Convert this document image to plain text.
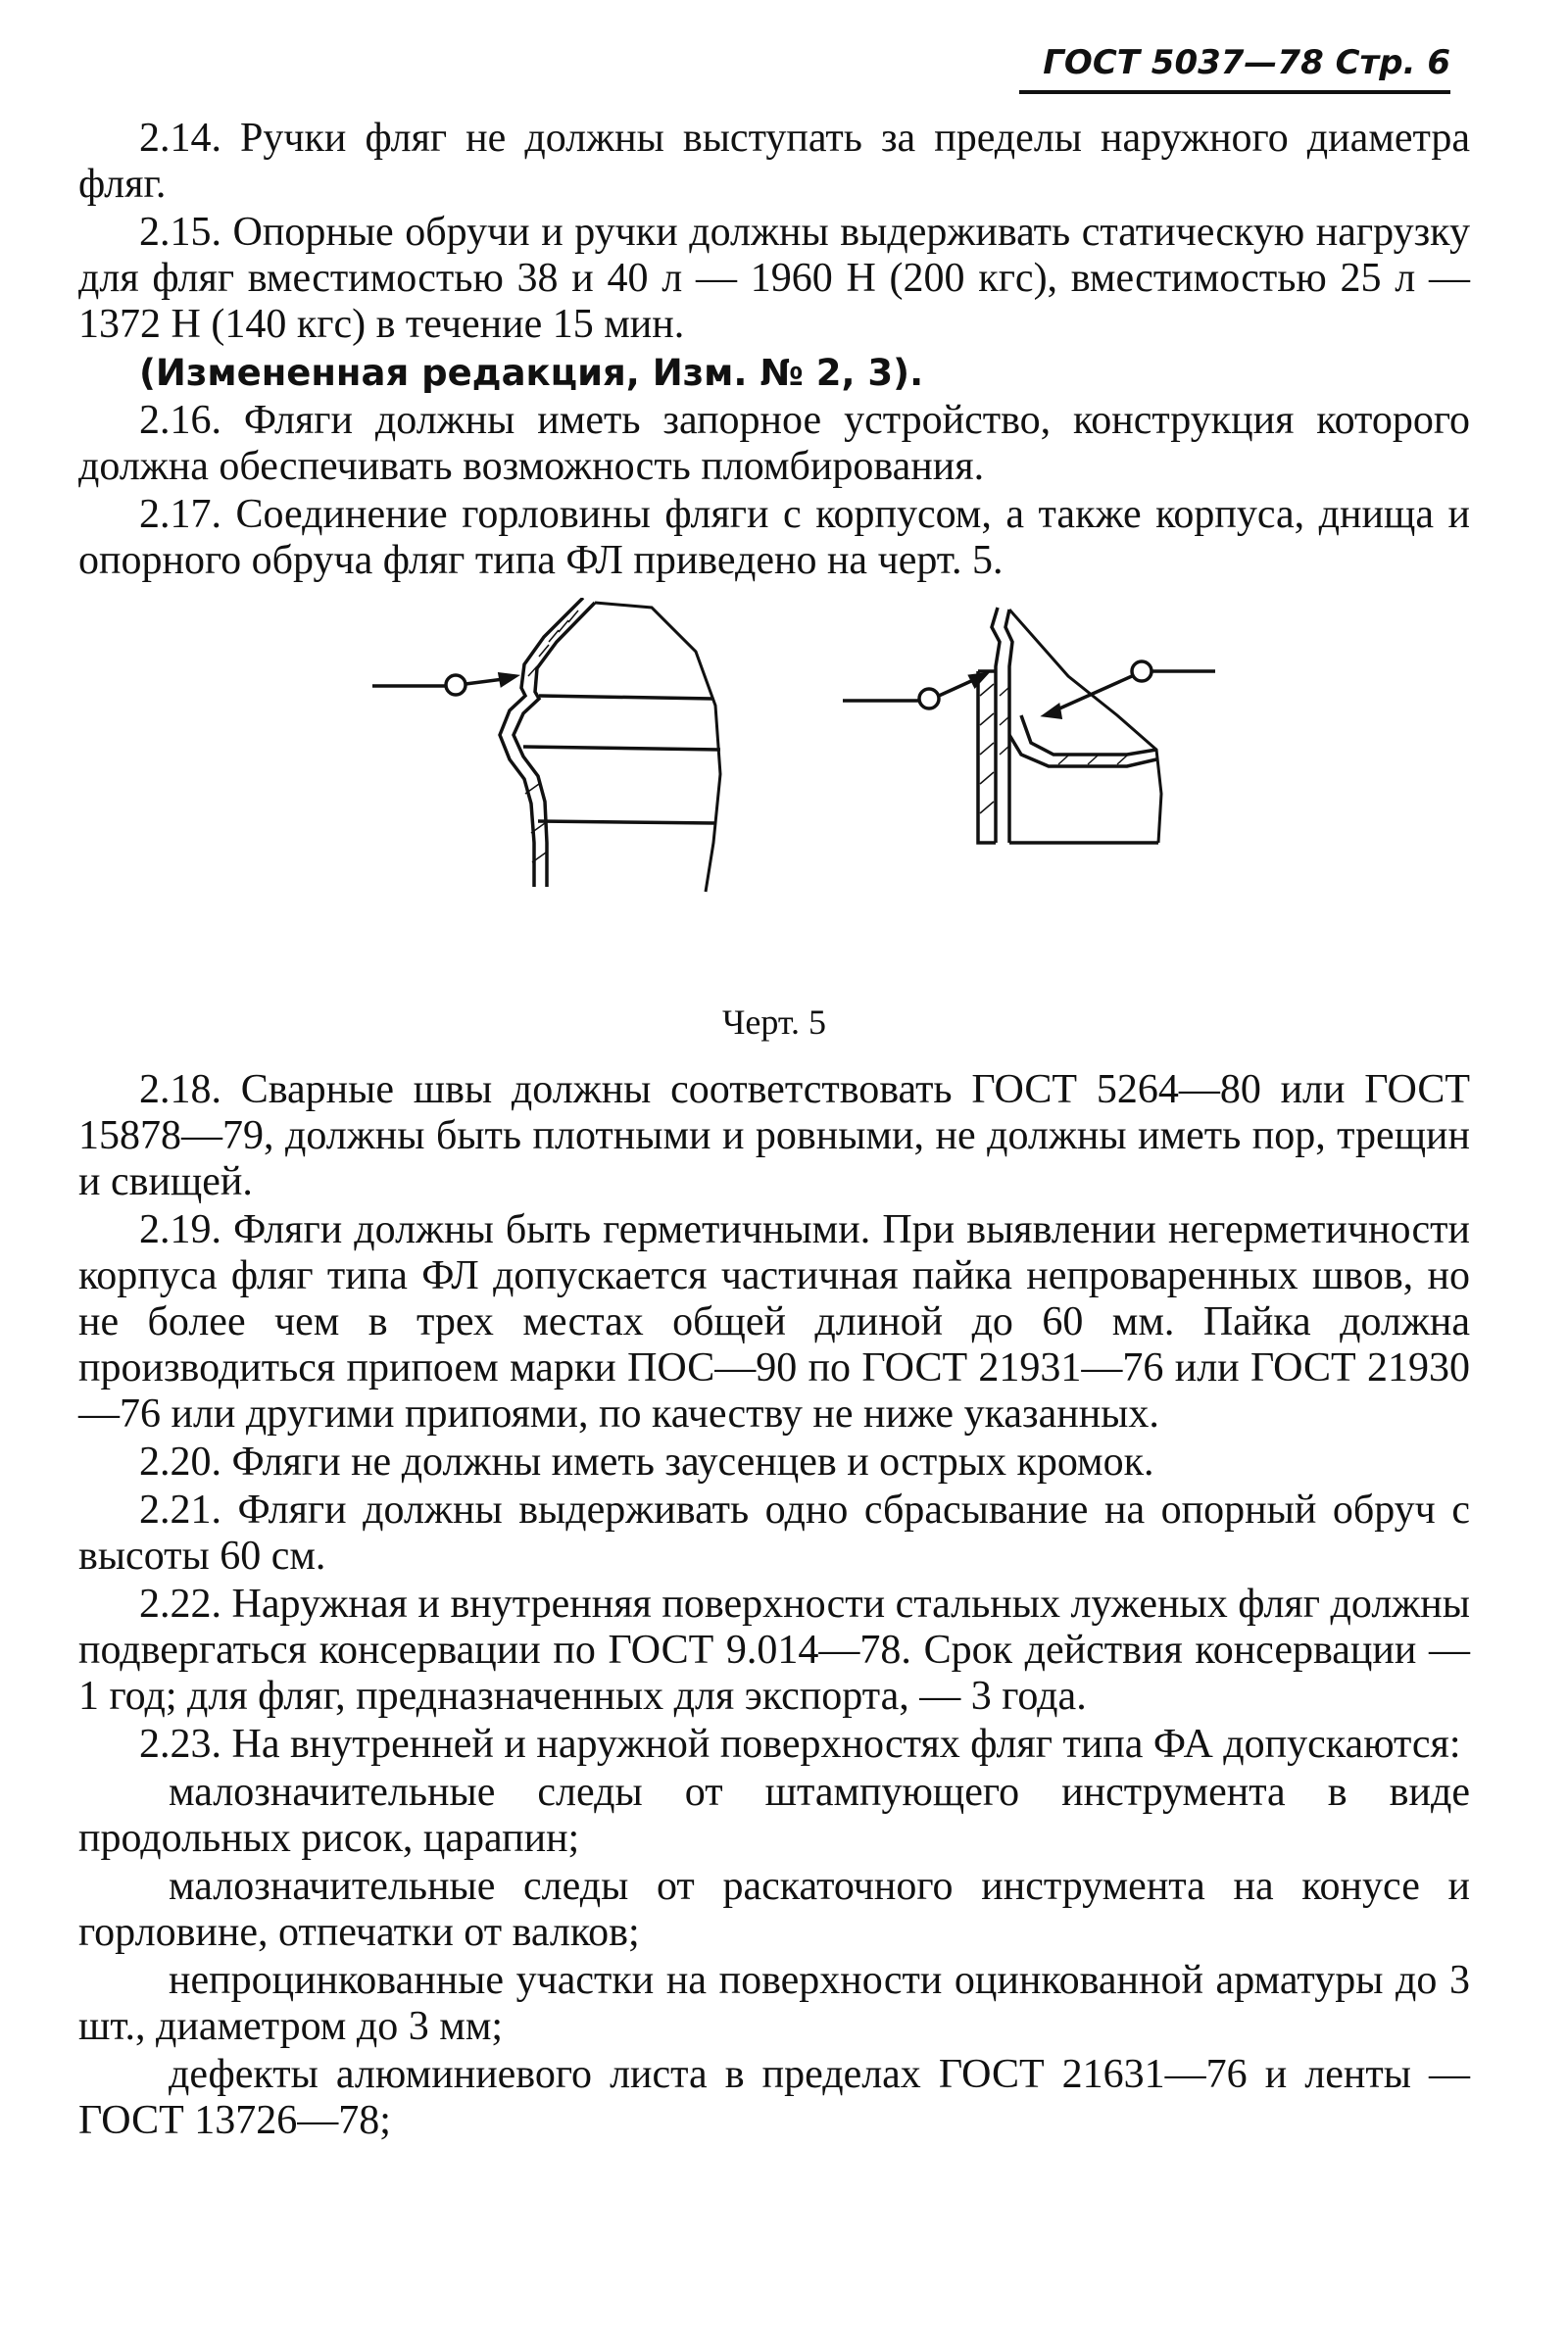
ГОСТ 5037—78 Стр. 6

2.14. Ручки фляг не должны выступать за пределы наружного диаметра фляг.

2.15. Опорные обручи и ручки должны выдерживать статическую нагрузку для фляг вместимостью 38 и 40 л — 1960 Н (200 кгс), вместимостью 25 л — 1372 Н (140 кгс) в течение 15 мин.

(Измененная редакция, Изм. № 2, 3).

2.16. Фляги должны иметь запорное устройство, конструкция которого должна обеспечивать возможность пломбирования.

2.17. Соединение горловины фляги с корпусом, а также корпуса, днища и опорного обруча фляг типа ФЛ приведено на черт. 5.

Черт. 5

2.18. Сварные швы должны соответствовать ГОСТ 5264—80 или ГОСТ 15878—79, должны быть плотными и ровными, не должны иметь пор, трещин и свищей.

2.19. Фляги должны быть герметичными. При выявлении негерметичности корпуса фляг типа ФЛ допускается частичная пайка непроваренных швов, но не более чем в трех местах общей длиной до 60 мм. Пайка должна производиться припоем марки ПОС—90 по ГОСТ 21931—76 или ГОСТ 21930—76 или другими припоями, по качеству не ниже указанных.

2.20. Фляги не должны иметь заусенцев и острых кромок.

2.21. Фляги должны выдерживать одно сбрасывание на опорный обруч с высоты 60 см.

2.22. Наружная и внутренняя поверхности стальных луженых фляг должны подвергаться консервации по ГОСТ 9.014—78. Срок действия консервации — 1 год; для фляг, предназначенных для экспорта, — 3 года.

2.23. На внутренней и наружной поверхностях фляг типа ФА допускаются:

малозначительные следы от штампующего инструмента в виде продольных рисок, царапин;

малозначительные следы от раскаточного инструмента на конусе и горловине, отпечатки от валков;

непроцинкованные участки на поверхности оцинкованной арматуры до 3 шт., диаметром до 3 мм;

дефекты алюминиевого листа в пределах ГОСТ 21631—76 и ленты — ГОСТ 13726—78;
